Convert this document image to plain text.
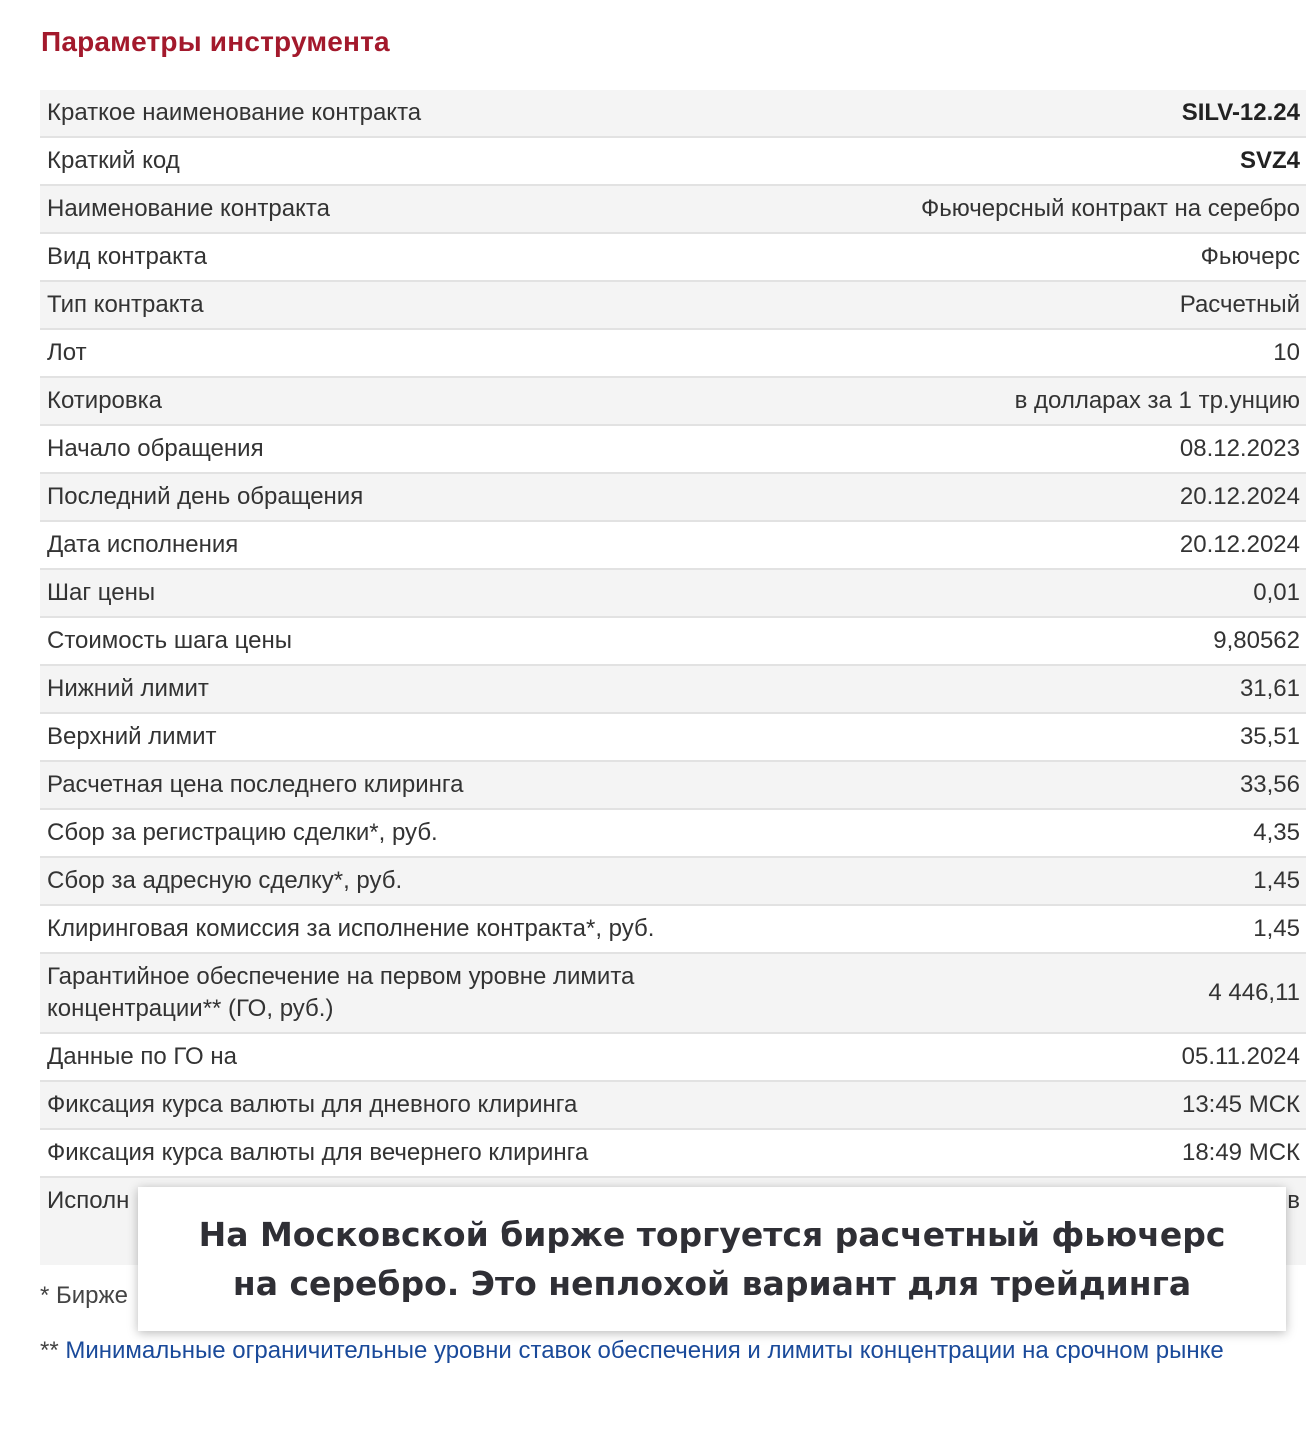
Параметры инструмента
Краткое наименование контракта	SILV-12.24
Краткий код	SVZ4
Наименование контракта	Фьючерсный контракт на серебро
Вид контракта	Фьючерс
Тип контракта	Расчетный
Лот	10
Котировка	в долларах за 1 тр.унцию
Начало обращения	08.12.2023
Последний день обращения	20.12.2024
Дата исполнения	20.12.2024
Шаг цены	0,01
Стоимость шага цены	9,80562
Нижний лимит	31,61
Верхний лимит	35,51
Расчетная цена последнего клиринга	33,56
Сбор за регистрацию сделки*, руб.	4,35
Сбор за адресную сделку*, руб.	1,45
Клиринговая комиссия за исполнение контракта*, руб.	1,45
Гарантийное обеспечение на первом уровне лимита концентрации** (ГО, руб.)	4 446,11
Данные по ГО на	05.11.2024
Фиксация курса валюты для дневного клиринга	13:45 МСК
Фиксация курса валюты для вечернего клиринга	18:49 МСК
Исполн	в
* Бирже
** Минимальные ограничительные уровни ставок обеспечения и лимиты концентрации на срочном рынке
На Московской бирже торгуется расчетный фьючерс
на серебро. Это неплохой вариант для трейдинга
